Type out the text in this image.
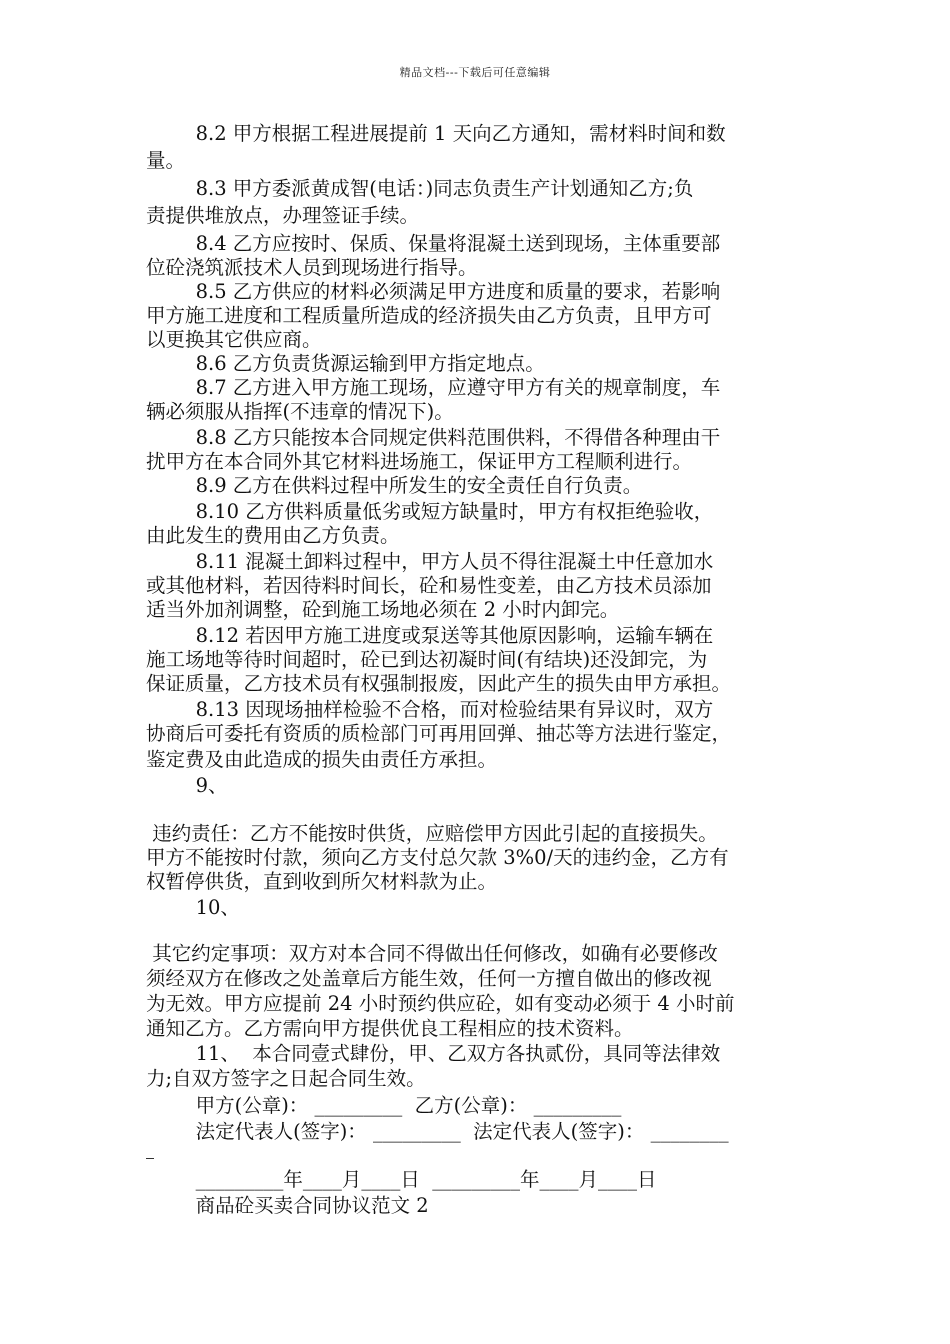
精品文档---下载后可任意编辑
8.2 甲方根据工程进展提前 1 天向乙方通知，需材料时间和数
量。
8.3 甲方委派黄成智(电话：)同志负责生产计划通知乙方;负
责提供堆放点，办理签证手续。
8.4 乙方应按时、保质、保量将混凝土送到现场，主体重要部
位砼浇筑派技术人员到现场进行指导。
8.5 乙方供应的材料必须满足甲方进度和质量的要求，若影响
甲方施工进度和工程质量所造成的经济损失由乙方负责，且甲方可
以更换其它供应商。
8.6 乙方负责货源运输到甲方指定地点。
8.7 乙方进入甲方施工现场，应遵守甲方有关的规章制度，车
辆必须服从指挥(不违章的情况下)。
8.8 乙方只能按本合同规定供料范围供料，不得借各种理由干
扰甲方在本合同外其它材料进场施工，保证甲方工程顺利进行。
8.9 乙方在供料过程中所发生的安全责任自行负责。
8.10 乙方供料质量低劣或短方缺量时，甲方有权拒绝验收，
由此发生的费用由乙方负责。
8.11 混凝土卸料过程中，甲方人员不得往混凝土中任意加水
或其他材料，若因待料时间长，砼和易性变差，由乙方技术员添加
适当外加剂调整，砼到施工场地必须在 2 小时内卸完。
8.12 若因甲方施工进度或泵送等其他原因影响，运输车辆在
施工场地等待时间超时，砼已到达初凝时间(有结块)还没卸完，为
保证质量，乙方技术员有权强制报废，因此产生的损失由甲方承担。
8.13 因现场抽样检验不合格，而对检验结果有异议时，双方
协商后可委托有资质的质检部门可再用回弹、抽芯等方法进行鉴定，
鉴定费及由此造成的损失由责任方承担。
9、
违约责任：乙方不能按时供货，应赔偿甲方因此引起的直接损失。
甲方不能按时付款，须向乙方支付总欠款 3%0/天的违约金，乙方有
权暂停供货，直到收到所欠材料款为止。
10、
其它约定事项：双方对本合同不得做出任何修改，如确有必要修改
须经双方在修改之处盖章后方能生效，任何一方擅自做出的修改视
为无效。甲方应提前 24 小时预约供应砼，如有变动必须于 4 小时前
通知乙方。乙方需向甲方提供优良工程相应的技术资料。
11、  本合同壹式肆份，甲、乙双方各执贰份，具同等法律效
力;自双方签字之日起合同生效。
甲方(公章)： _________  乙方(公章)： _________
法定代表人(签字)： _________  法定代表人(签字)： ________
_________年____月____日  _________年____月____日
商品砼买卖合同协议范文 2
